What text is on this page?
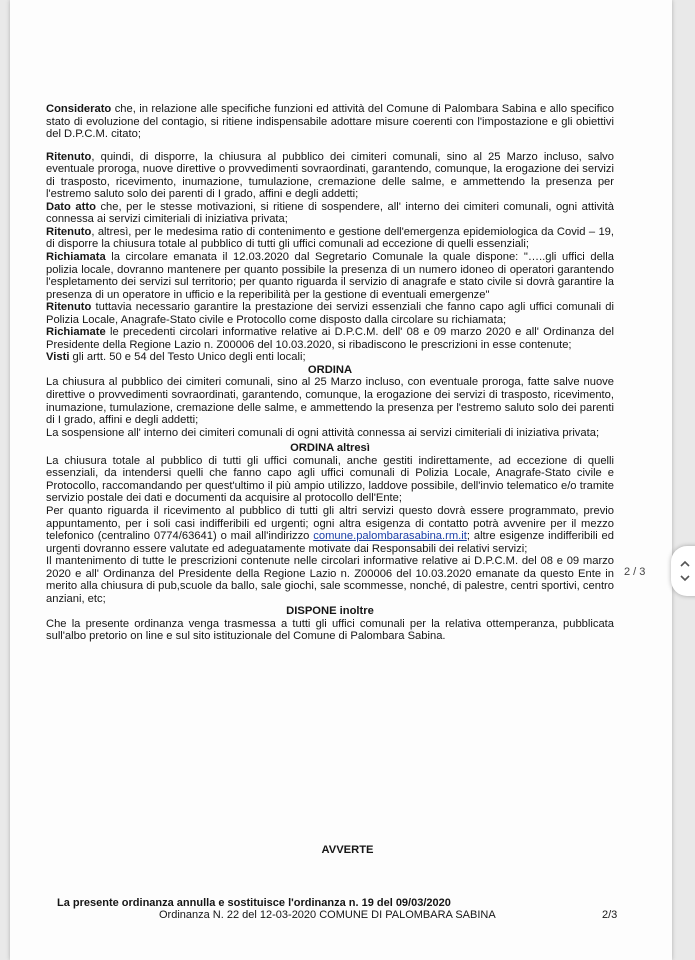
Considerato che, in relazione alle specifiche funzioni ed attività del Comune di Palombara Sabina e allo specifico stato di evoluzione del contagio, si ritiene indispensabile adottare misure coerenti con l'impostazione e gli obiettivi del D.P.C.M. citato;

Ritenuto, quindi, di disporre, la chiusura al pubblico dei cimiteri comunali, sino al 25 Marzo incluso, salvo eventuale proroga, nuove direttive o provvedimenti sovraordinati, garantendo, comunque, la erogazione dei servizi di trasposto, ricevimento, inumazione, tumulazione, cremazione delle salme, e ammettendo la presenza per l'estremo saluto solo dei parenti di I grado, affini e degli addetti;

Dato atto che, per le stesse motivazioni, si ritiene di sospendere, all' interno dei cimiteri comunali, ogni attività connessa ai servizi cimiteriali di iniziativa privata;

Ritenuto, altresì, per le medesima ratio di contenimento e gestione dell'emergenza epidemiologica da Covid – 19, di disporre la chiusura totale al pubblico di tutti gli uffici comunali ad eccezione di quelli essenziali;

Richiamata la circolare emanata il 12.03.2020 dal Segretario Comunale la quale dispone: "…..gli uffici della polizia locale, dovranno mantenere per quanto possibile la presenza di un numero idoneo di operatori garantendo l'espletamento dei servizi sul territorio; per quanto riguarda il servizio di anagrafe e stato civile si dovrà garantire la presenza di un operatore in ufficio e la reperibilità per la gestione di eventuali emergenze"

Ritenuto tuttavia necessario garantire la prestazione dei servizi essenziali che fanno capo agli uffici comunali di Polizia Locale, Anagrafe-Stato civile e Protocollo come disposto dalla circolare su richiamata;

Richiamate le precedenti circolari informative relative ai D.P.C.M. dell' 08 e 09 marzo 2020 e all' Ordinanza del Presidente della Regione Lazio n. Z00006 del 10.03.2020, si ribadiscono le prescrizioni in esse contenute;

Visti gli artt. 50 e 54 del Testo Unico degli enti locali;

ORDINA

La chiusura al pubblico dei cimiteri comunali, sino al 25 Marzo incluso, con eventuale proroga, fatte salve nuove direttive o provvedimenti sovraordinati, garantendo, comunque, la erogazione dei servizi di trasposto, ricevimento, inumazione, tumulazione, cremazione delle salme, e ammettendo la presenza per l'estremo saluto solo dei parenti di I grado, affini e degli addetti;

La sospensione all' interno dei cimiteri comunali di ogni attività connessa ai servizi cimiteriali di iniziativa privata;

ORDINA altresì

La chiusura totale al pubblico di tutti gli uffici comunali, anche gestiti indirettamente, ad eccezione di quelli essenziali, da intendersi quelli che fanno capo agli uffici comunali di Polizia Locale, Anagrafe-Stato civile e Protocollo, raccomandando per quest'ultimo il più ampio utilizzo, laddove possibile, dell'invio telematico e/o tramite servizio postale dei dati e documenti da acquisire al protocollo dell'Ente;

Per quanto riguarda il ricevimento al pubblico di tutti gli altri servizi questo dovrà essere programmato, previo appuntamento, per i soli casi indifferibili ed urgenti; ogni altra esigenza di contatto potrà avvenire per il mezzo telefonico (centralino 0774/63641) o mail all'indirizzo comune.palombarasabina.rm.it; altre esigenze indifferibili ed urgenti dovranno essere valutate ed adeguatamente motivate dai Responsabili dei relativi servizi;

Il mantenimento di tutte le prescrizioni contenute nelle circolari informative relative ai D.P.C.M. del 08 e 09 marzo 2020 e all' Ordinanza del Presidente della Regione Lazio n. Z00006 del 10.03.2020 emanate da questo Ente in merito alla chiusura di pub,scuole da ballo, sale giochi, sale scommesse, nonché, di palestre, centri sportivi, centro anziani, etc;

DISPONE inoltre

Che la presente ordinanza venga trasmessa a tutti gli uffici comunali per la relativa ottemperanza, pubblicata sull'albo pretorio on line e sul sito istituzionale del Comune di Palombara Sabina.

AVVERTE
La presente ordinanza annulla e sostituisce l'ordinanza n. 19 del 09/03/2020
Ordinanza N. 22 del 12-03-2020 COMUNE DI PALOMBARA SABINA	2/3
2 / 3
